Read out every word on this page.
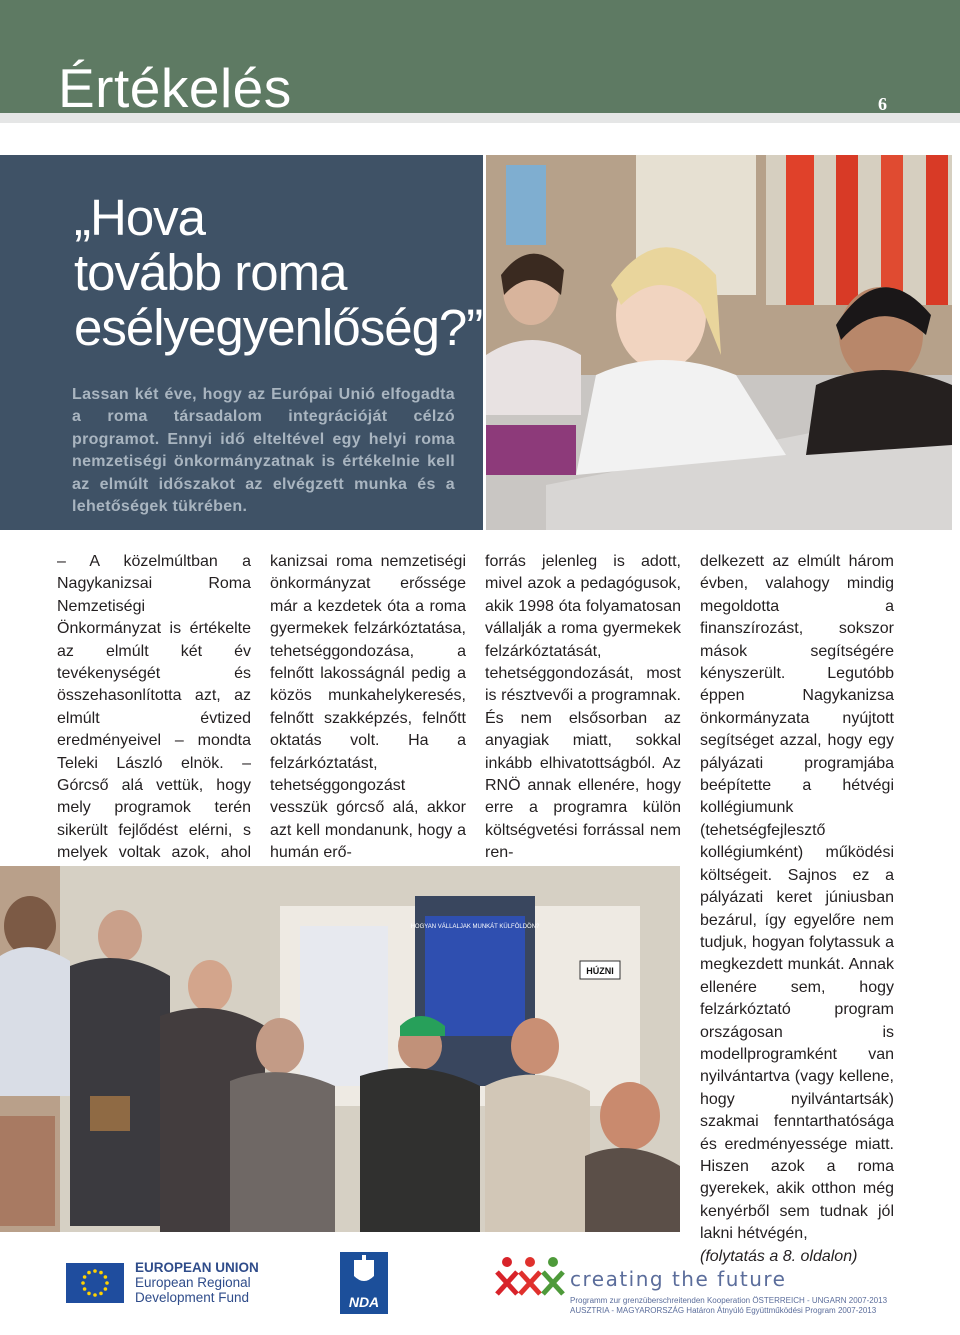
Értékelés	6
„Hova
tovább roma
esélyegyenlőség?”
Lassan két éve, hogy az Európai Unió elfogadta a roma társadalom integrációját célzó programot. Ennyi idő elteltével egy helyi roma nemzetiségi önkormányzatnak is értékelnie kell az elmúlt időszakot az elvégzett munka és a lehetőségek tükrében.

– A közelmúltban a Nagykanizsai Roma Nemzetiségi Önkormányzat is értékelte az elmúlt két év tevékenységét és összehasonlította azt, az elmúlt évtized eredményeivel – mondta Teleki László elnök. – Górcső alá vettük, hogy mely programok terén sikerült fejlődést elérni, s melyek voltak azok, ahol

kanizsai roma nemzetiségi önkormányzat erőssége már a kezdetek óta a roma gyermekek felzárkóztatása, tehetséggondozása, a felnőtt lakosságnál pedig a közös munkahelykeresés, felnőtt szakképzés, felnőtt oktatás volt. Ha a felzárkóztatást, tehetséggongozást vesszük górcső alá, akkor azt kell mondanunk, hogy a humán erő-

forrás jelenleg is adott, mivel azok a pedagógusok, akik 1998 óta folyamatosan vállalják a roma gyermekek felzárkóztatását, tehetséggondozását, most is résztvevői a programnak. És nem elsősorban az anyagiak miatt, sokkal inkább elhivatottságból. Az RNÖ annak ellenére, hogy erre a programra külön költségvetési forrással nem ren-

delkezett az elmúlt három évben, valahogy mindig megoldotta a finanszírozást, sokszor mások segítségére kényszerült. Legutóbb éppen Nagykanizsa önkormányzata nyújtott segítséget azzal, hogy egy pályázati programjába beépítette a hétvégi kollégiumunk (tehetségfejlesztő kollégiumként) működési költségeit. Sajnos ez a pályázati keret júniusban bezárul, így egyelőre nem tudjuk, hogyan folytassuk a megkezdett munkát. Annak ellenére sem, hogy felzárkóztató program országosan is modellprogramként van nyilvántartva (vagy kellene, hogy nyilvántartsák) szakmai fenntarthatósága és eredményessége miatt. Hiszen azok a roma gyerekek, akik otthon még kenyérből sem tudnak jól lakni hétvégén,

(folytatás a 8. oldalon)

HOGYAN VÁLLALJAK MUNKÁT KÜLFÖLDÖN?
HÚZNI
EUROPEAN UNION
European Regional
Development Fund	NDA
creating the future
Programm zur grenzüberschreitenden Kooperation ÖSTERREICH - UNGARN 2007-2013
AUSZTRIA - MAGYARORSZÁG Határon Átnyúló Együttműködési Program 2007-2013
